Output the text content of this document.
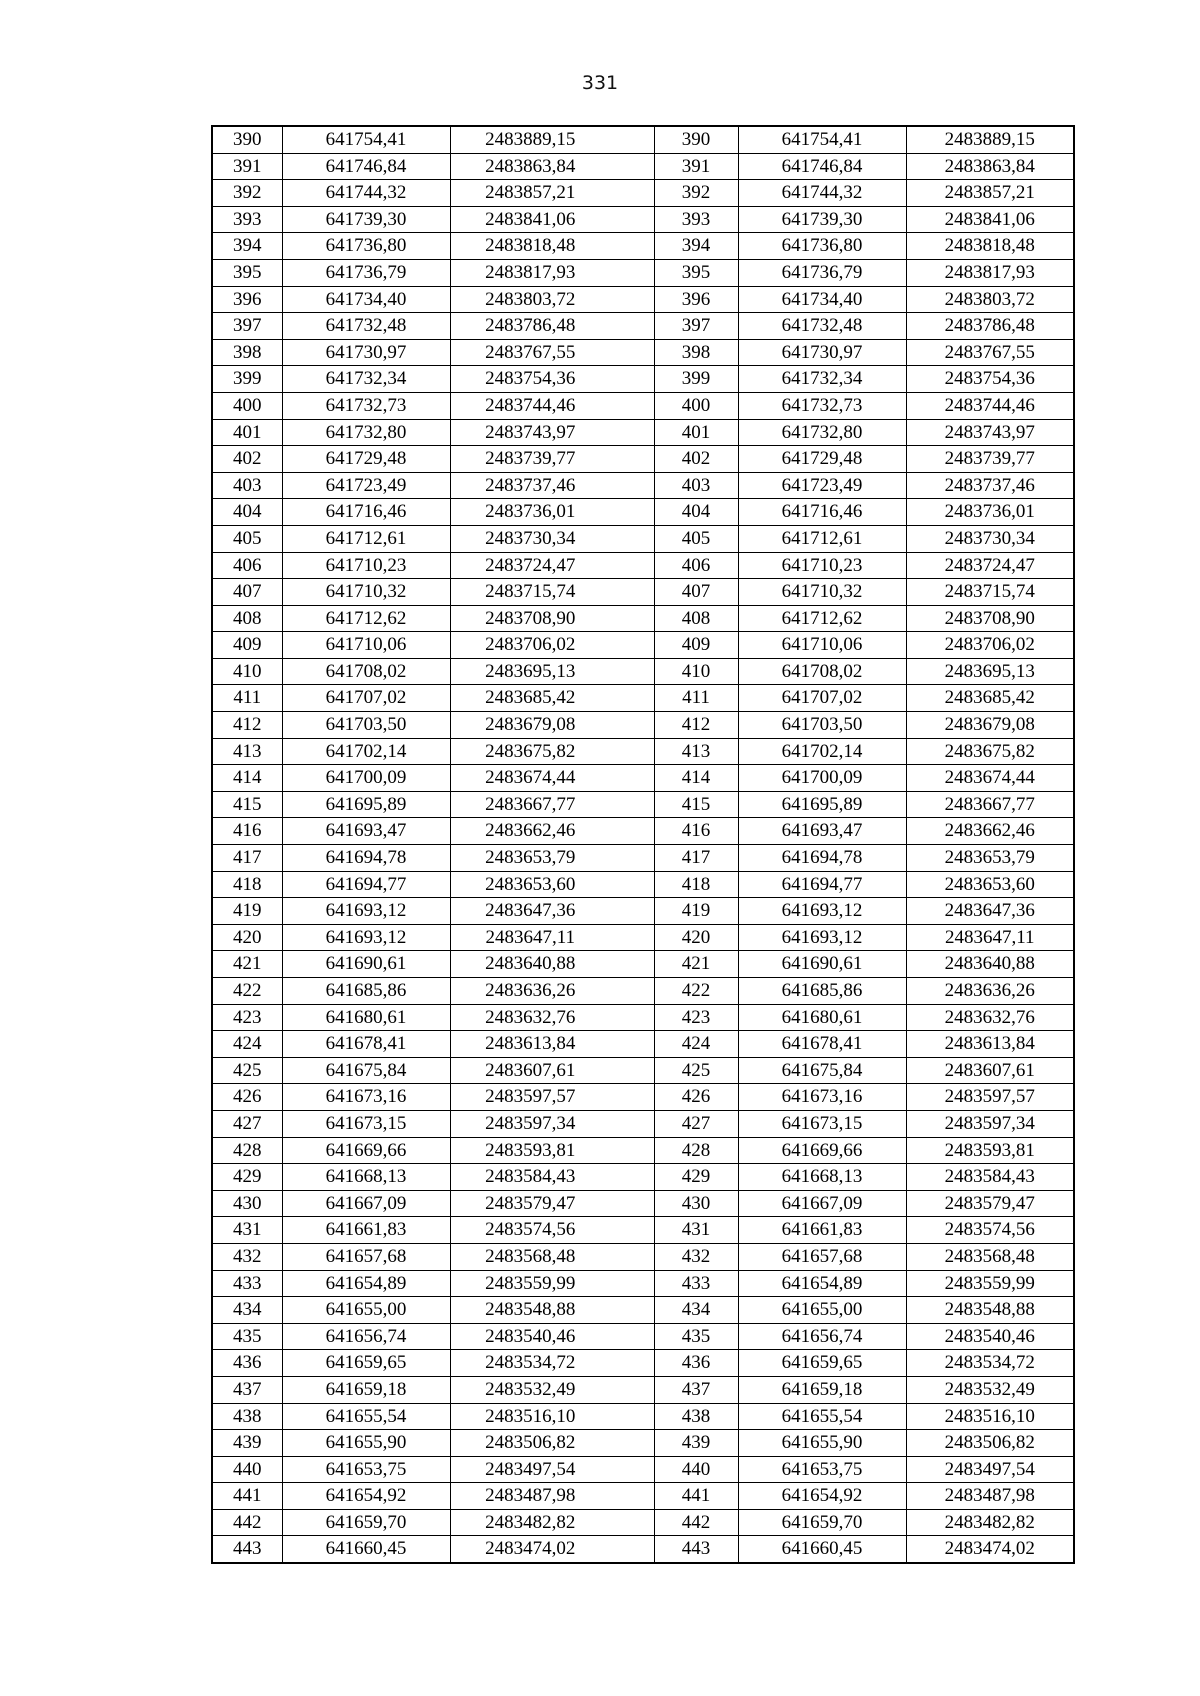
331
390	641754,41	2483889,15		390	641754,41	2483889,15
391	641746,84	2483863,84		391	641746,84	2483863,84
392	641744,32	2483857,21		392	641744,32	2483857,21
393	641739,30	2483841,06		393	641739,30	2483841,06
394	641736,80	2483818,48		394	641736,80	2483818,48
395	641736,79	2483817,93		395	641736,79	2483817,93
396	641734,40	2483803,72		396	641734,40	2483803,72
397	641732,48	2483786,48		397	641732,48	2483786,48
398	641730,97	2483767,55		398	641730,97	2483767,55
399	641732,34	2483754,36		399	641732,34	2483754,36
400	641732,73	2483744,46		400	641732,73	2483744,46
401	641732,80	2483743,97		401	641732,80	2483743,97
402	641729,48	2483739,77		402	641729,48	2483739,77
403	641723,49	2483737,46		403	641723,49	2483737,46
404	641716,46	2483736,01		404	641716,46	2483736,01
405	641712,61	2483730,34		405	641712,61	2483730,34
406	641710,23	2483724,47		406	641710,23	2483724,47
407	641710,32	2483715,74		407	641710,32	2483715,74
408	641712,62	2483708,90		408	641712,62	2483708,90
409	641710,06	2483706,02		409	641710,06	2483706,02
410	641708,02	2483695,13		410	641708,02	2483695,13
411	641707,02	2483685,42		411	641707,02	2483685,42
412	641703,50	2483679,08		412	641703,50	2483679,08
413	641702,14	2483675,82		413	641702,14	2483675,82
414	641700,09	2483674,44		414	641700,09	2483674,44
415	641695,89	2483667,77		415	641695,89	2483667,77
416	641693,47	2483662,46		416	641693,47	2483662,46
417	641694,78	2483653,79		417	641694,78	2483653,79
418	641694,77	2483653,60		418	641694,77	2483653,60
419	641693,12	2483647,36		419	641693,12	2483647,36
420	641693,12	2483647,11		420	641693,12	2483647,11
421	641690,61	2483640,88		421	641690,61	2483640,88
422	641685,86	2483636,26		422	641685,86	2483636,26
423	641680,61	2483632,76		423	641680,61	2483632,76
424	641678,41	2483613,84		424	641678,41	2483613,84
425	641675,84	2483607,61		425	641675,84	2483607,61
426	641673,16	2483597,57		426	641673,16	2483597,57
427	641673,15	2483597,34		427	641673,15	2483597,34
428	641669,66	2483593,81		428	641669,66	2483593,81
429	641668,13	2483584,43		429	641668,13	2483584,43
430	641667,09	2483579,47		430	641667,09	2483579,47
431	641661,83	2483574,56		431	641661,83	2483574,56
432	641657,68	2483568,48		432	641657,68	2483568,48
433	641654,89	2483559,99		433	641654,89	2483559,99
434	641655,00	2483548,88		434	641655,00	2483548,88
435	641656,74	2483540,46		435	641656,74	2483540,46
436	641659,65	2483534,72		436	641659,65	2483534,72
437	641659,18	2483532,49		437	641659,18	2483532,49
438	641655,54	2483516,10		438	641655,54	2483516,10
439	641655,90	2483506,82		439	641655,90	2483506,82
440	641653,75	2483497,54		440	641653,75	2483497,54
441	641654,92	2483487,98		441	641654,92	2483487,98
442	641659,70	2483482,82		442	641659,70	2483482,82
443	641660,45	2483474,02		443	641660,45	2483474,02
